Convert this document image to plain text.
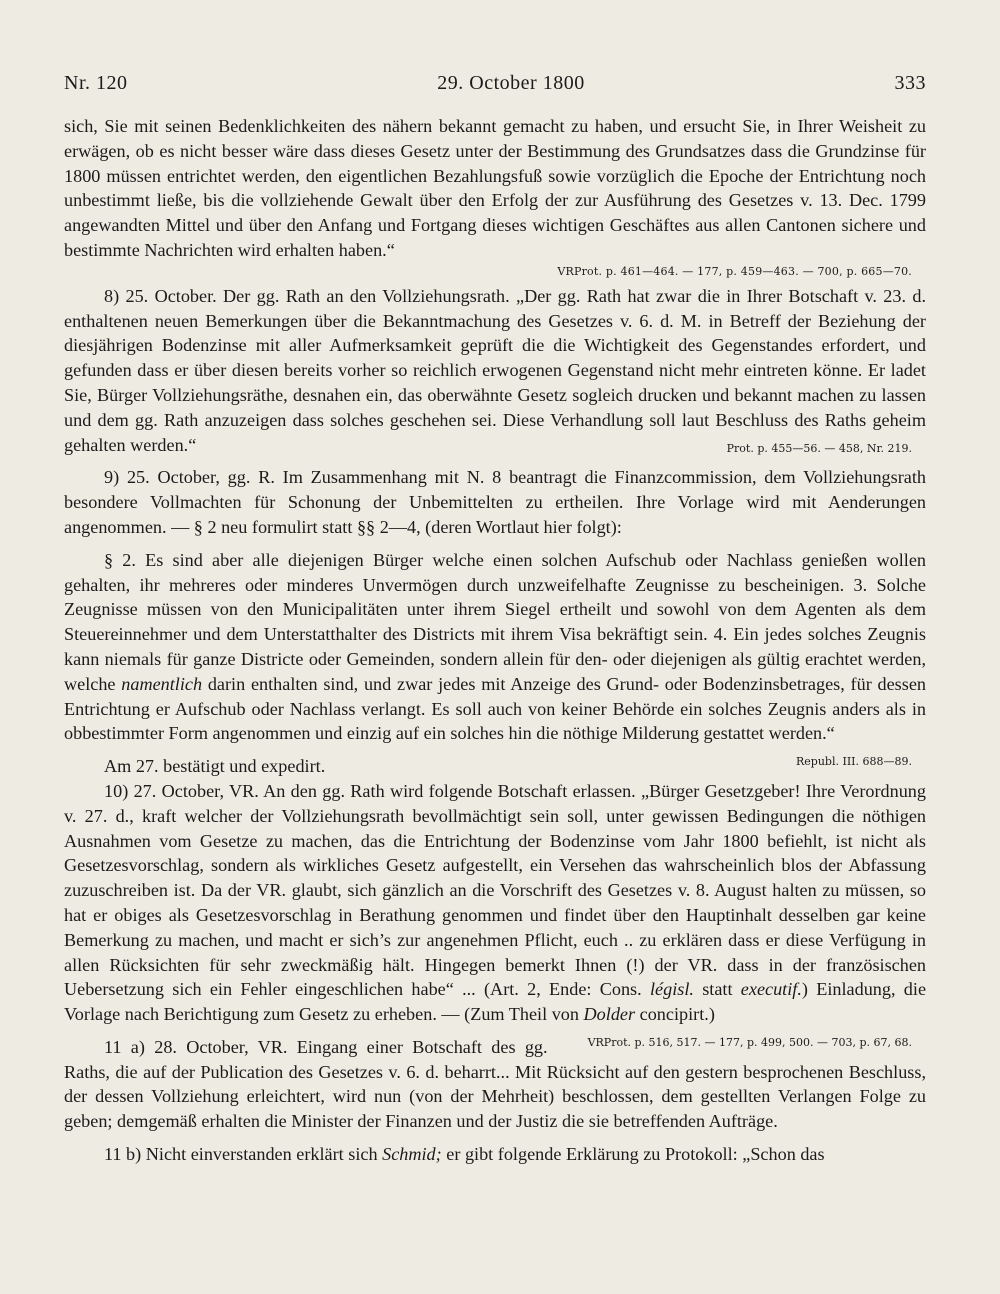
Nr. 120	29. October 1800	333

sich, Sie mit seinen Bedenklichkeiten des nähern bekannt gemacht zu haben, und ersucht Sie, in Ihrer Weisheit zu erwägen, ob es nicht besser wäre dass dieses Gesetz unter der Bestimmung des Grundsatzes dass die Grundzinse für 1800 müssen entrichtet werden, den eigentlichen Bezahlungsfuß sowie vorzüglich die Epoche der Entrichtung noch unbestimmt ließe, bis die vollziehende Gewalt über den Erfolg der zur Ausführung des Gesetzes v. 13. Dec. 1799 angewandten Mittel und über den Anfang und Fortgang dieses wichtigen Geschäftes aus allen Cantonen sichere und bestimmte Nachrichten wird erhalten haben.“

VRProt. p. 461—464. — 177, p. 459—463. — 700, p. 665—70.

8) 25. October. Der gg. Rath an den Vollziehungsrath. „Der gg. Rath hat zwar die in Ihrer Botschaft v. 23. d. enthaltenen neuen Bemerkungen über die Bekanntmachung des Gesetzes v. 6. d. M. in Betreff der Beziehung der diesjährigen Bodenzinse mit aller Aufmerksamkeit geprüft die die Wichtigkeit des Gegenstandes erfordert, und gefunden dass er über diesen bereits vorher so reichlich erwogenen Gegenstand nicht mehr eintreten könne. Er ladet Sie, Bürger Vollziehungsräthe, desnahen ein, das oberwähnte Gesetz sogleich drucken und bekannt machen zu lassen und dem gg. Rath anzuzeigen dass solches geschehen sei. Diese Verhandlung soll laut Beschluss des Raths geheim gehalten werden.“	Prot. p. 455—56. — 458, Nr. 219.

9) 25. October, gg. R. Im Zusammenhang mit N. 8 beantragt die Finanzcommission, dem Vollziehungsrath besondere Vollmachten für Schonung der Unbemittelten zu ertheilen. Ihre Vorlage wird mit Aenderungen angenommen. — § 2 neu formulirt statt §§ 2—4, (deren Wortlaut hier folgt):

§ 2. Es sind aber alle diejenigen Bürger welche einen solchen Aufschub oder Nachlass genießen wollen gehalten, ihr mehreres oder minderes Unvermögen durch unzweifelhafte Zeugnisse zu bescheinigen. 3. Solche Zeugnisse müssen von den Municipalitäten unter ihrem Siegel ertheilt und sowohl von dem Agenten als dem Steuereinnehmer und dem Unterstatthalter des Districts mit ihrem Visa bekräftigt sein. 4. Ein jedes solches Zeugnis kann niemals für ganze Districte oder Gemeinden, sondern allein für den- oder diejenigen als gültig erachtet werden, welche namentlich darin enthalten sind, und zwar jedes mit Anzeige des Grund- oder Bodenzinsbetrages, für dessen Entrichtung er Aufschub oder Nachlass verlangt. Es soll auch von keiner Behörde ein solches Zeugnis anders als in obbestimmter Form angenommen und einzig auf ein solches hin die nöthige Milderung gestattet werden.“
Republ. III. 688—89.

Am 27. bestätigt und expedirt.

10) 27. October, VR. An den gg. Rath wird folgende Botschaft erlassen. „Bürger Gesetzgeber! Ihre Verordnung v. 27. d., kraft welcher der Vollziehungsrath bevollmächtigt sein soll, unter gewissen Bedingungen die nöthigen Ausnahmen vom Gesetze zu machen, das die Entrichtung der Bodenzinse vom Jahr 1800 befiehlt, ist nicht als Gesetzesvorschlag, sondern als wirkliches Gesetz aufgestellt, ein Versehen das wahrscheinlich blos der Abfassung zuzuschreiben ist. Da der VR. glaubt, sich gänzlich an die Vorschrift des Gesetzes v. 8. August halten zu müssen, so hat er obiges als Gesetzesvorschlag in Berathung genommen und findet über den Hauptinhalt desselben gar keine Bemerkung zu machen, und macht er sich’s zur angenehmen Pflicht, euch .. zu erklären dass er diese Verfügung in allen Rücksichten für sehr zweckmäßig hält. Hingegen bemerkt Ihnen (!) der VR. dass in der französischen Uebersetzung sich ein Fehler eingeschlichen habe“ ... (Art. 2, Ende: Cons. législ. statt executif.) Einladung, die Vorlage nach Berichtigung zum Gesetz zu erheben. — (Zum Theil von Dolder concipirt.)
VRProt. p. 516, 517. — 177, p. 499, 500. — 703, p. 67, 68.

11 a) 28. October, VR. Eingang einer Botschaft des gg. Raths, die auf der Publication des Gesetzes v. 6. d. beharrt... Mit Rücksicht auf den gestern besprochenen Beschluss, der dessen Vollziehung erleichtert, wird nun (von der Mehrheit) beschlossen, dem gestellten Verlangen Folge zu geben; demgemäß erhalten die Minister der Finanzen und der Justiz die sie betreffenden Aufträge.

11 b) Nicht einverstanden erklärt sich Schmid; er gibt folgende Erklärung zu Protokoll: „Schon das
